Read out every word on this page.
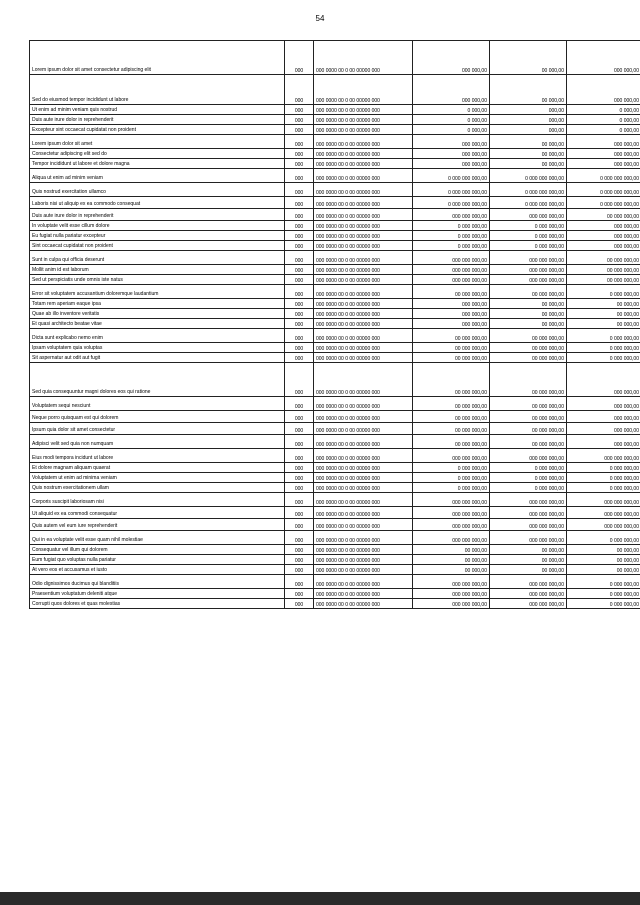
54
Lorem ipsum dolor sit amet consectetur adipiscing elit	000	000 0000 00 0 00 00000 000	000 000,00	00 000,00	000 000,00
Sed do eiusmod tempor incididunt ut labore	000	000 0000 00 0 00 00000 000	000 000,00	00 000,00	000 000,00
Ut enim ad minim veniam quis nostrud	000	000 0000 00 0 00 00000 000	0 000,00	000,00	0 000,00
Duis aute irure dolor in reprehenderit	000	000 0000 00 0 00 00000 000	0 000,00	000,00	0 000,00
Excepteur sint occaecat cupidatat non proident	000	000 0000 00 0 00 00000 000	0 000,00	000,00	0 000,00
Lorem ipsum dolor sit amet	000	000 0000 00 0 00 00000 000	000 000,00	00 000,00	000 000,00
Consectetur adipiscing elit sed do	000	000 0000 00 0 00 00000 000	000 000,00	00 000,00	000 000,00
Tempor incididunt ut labore et dolore magna	000	000 0000 00 0 00 00000 000	000 000,00	00 000,00	000 000,00
Aliqua ut enim ad minim veniam	000	000 0000 00 0 00 00000 000	0 000 000 000,00	0 000 000 000,00	0 000 000 000,00
Quis nostrud exercitation ullamco	000	000 0000 00 0 00 00000 000	0 000 000 000,00	0 000 000 000,00	0 000 000 000,00
Laboris nisi ut aliquip ex ea commodo consequat	000	000 0000 00 0 00 00000 000	0 000 000 000,00	0 000 000 000,00	0 000 000 000,00
Duis aute irure dolor in reprehenderit	000	000 0000 00 0 00 00000 000	000 000 000,00	000 000 000,00	00 000 000,00
In voluptate velit esse cillum dolore	000	000 0000 00 0 00 00000 000	0 000 000,00	0 000 000,00	000 000,00
Eu fugiat nulla pariatur excepteur	000	000 0000 00 0 00 00000 000	0 000 000,00	0 000 000,00	000 000,00
Sint occaecat cupidatat non proident	000	000 0000 00 0 00 00000 000	0 000 000,00	0 000 000,00	000 000,00
Sunt in culpa qui officia deserunt	000	000 0000 00 0 00 00000 000	000 000 000,00	000 000 000,00	00 000 000,00
Mollit anim id est laborum	000	000 0000 00 0 00 00000 000	000 000 000,00	000 000 000,00	00 000 000,00
Sed ut perspiciatis unde omnis iste natus	000	000 0000 00 0 00 00000 000	000 000 000,00	000 000 000,00	00 000 000,00
Error sit voluptatem accusantium doloremque laudantium	000	000 0000 00 0 00 00000 000	00 000 000,00	00 000 000,00	0 000 000,00
Totam rem aperiam eaque ipsa	000	000 0000 00 0 00 00000 000	000 000,00	00 000,00	00 000,00
Quae ab illo inventore veritatis	000	000 0000 00 0 00 00000 000	000 000,00	00 000,00	00 000,00
Et quasi architecto beatae vitae	000	000 0000 00 0 00 00000 000	000 000,00	00 000,00	00 000,00
Dicta sunt explicabo nemo enim	000	000 0000 00 0 00 00000 000	00 000 000,00	00 000 000,00	0 000 000,00
Ipsam voluptatem quia voluptas	000	000 0000 00 0 00 00000 000	00 000 000,00	00 000 000,00	0 000 000,00
Sit aspernatur aut odit aut fugit	000	000 0000 00 0 00 00000 000	00 000 000,00	00 000 000,00	0 000 000,00
Sed quia consequuntur magni dolores eos qui ratione	000	000 0000 00 0 00 00000 000	00 000 000,00	00 000 000,00	000 000,00
Voluptatem sequi nesciunt	000	000 0000 00 0 00 00000 000	00 000 000,00	00 000 000,00	000 000,00
Neque porro quisquam est qui dolorem	000	000 0000 00 0 00 00000 000	00 000 000,00	00 000 000,00	000 000,00
Ipsum quia dolor sit amet consectetur	000	000 0000 00 0 00 00000 000	00 000 000,00	00 000 000,00	000 000,00
Adipisci velit sed quia non numquam	000	000 0000 00 0 00 00000 000	00 000 000,00	00 000 000,00	000 000,00
Eius modi tempora incidunt ut labore	000	000 0000 00 0 00 00000 000	000 000 000,00	000 000 000,00	000 000 000,00
Et dolore magnam aliquam quaerat	000	000 0000 00 0 00 00000 000	0 000 000,00	0 000 000,00	0 000 000,00
Voluptatem ut enim ad minima veniam	000	000 0000 00 0 00 00000 000	0 000 000,00	0 000 000,00	0 000 000,00
Quis nostrum exercitationem ullam	000	000 0000 00 0 00 00000 000	0 000 000,00	0 000 000,00	0 000 000,00
Corporis suscipit laboriosam nisi	000	000 0000 00 0 00 00000 000	000 000 000,00	000 000 000,00	000 000 000,00
Ut aliquid ex ea commodi consequatur	000	000 0000 00 0 00 00000 000	000 000 000,00	000 000 000,00	000 000 000,00
Quis autem vel eum iure reprehenderit	000	000 0000 00 0 00 00000 000	000 000 000,00	000 000 000,00	000 000 000,00
Qui in ea voluptate velit esse quam nihil molestiae	000	000 0000 00 0 00 00000 000	000 000 000,00	000 000 000,00	0 000 000,00
Consequatur vel illum qui dolorem	000	000 0000 00 0 00 00000 000	00 000,00	00 000,00	00 000,00
Eum fugiat quo voluptas nulla pariatur	000	000 0000 00 0 00 00000 000	00 000,00	00 000,00	00 000,00
At vero eos et accusamus et iusto	000	000 0000 00 0 00 00000 000	00 000,00	00 000,00	00 000,00
Odio dignissimos ducimus qui blanditiis	000	000 0000 00 0 00 00000 000	000 000 000,00	000 000 000,00	0 000 000,00
Praesentium voluptatum deleniti atque	000	000 0000 00 0 00 00000 000	000 000 000,00	000 000 000,00	0 000 000,00
Corrupti quos dolores et quas molestias	000	000 0000 00 0 00 00000 000	000 000 000,00	000 000 000,00	0 000 000,00
